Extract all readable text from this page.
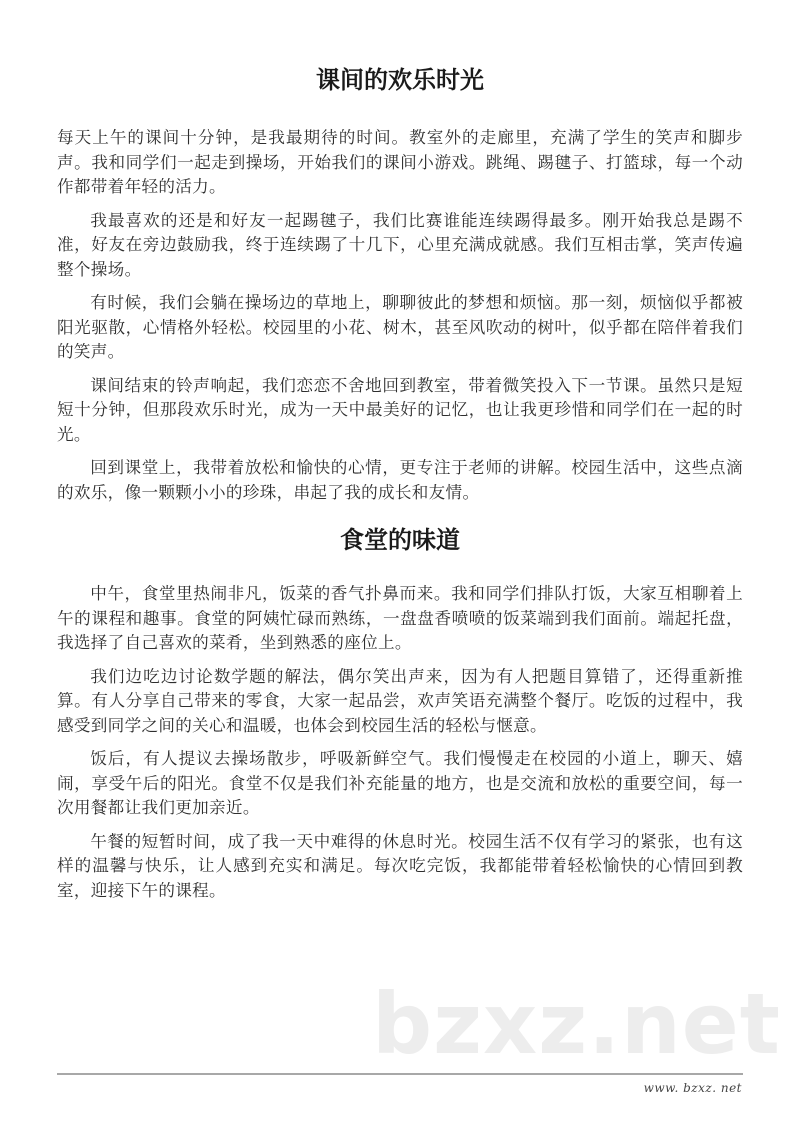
课间的欢乐时光

每天上午的课间十分钟，是我最期待的时间。教室外的走廊里，充满了学生的笑声和脚步声。我和同学们一起走到操场，开始我们的课间小游戏。跳绳、踢毽子、打篮球，每一个动作都带着年轻的活力。

我最喜欢的还是和好友一起踢毽子，我们比赛谁能连续踢得最多。刚开始我总是踢不准，好友在旁边鼓励我，终于连续踢了十几下，心里充满成就感。我们互相击掌，笑声传遍整个操场。

有时候，我们会躺在操场边的草地上，聊聊彼此的梦想和烦恼。那一刻，烦恼似乎都被阳光驱散，心情格外轻松。校园里的小花、树木，甚至风吹动的树叶，似乎都在陪伴着我们的笑声。

课间结束的铃声响起，我们恋恋不舍地回到教室，带着微笑投入下一节课。虽然只是短短十分钟，但那段欢乐时光，成为一天中最美好的记忆，也让我更珍惜和同学们在一起的时光。

回到课堂上，我带着放松和愉快的心情，更专注于老师的讲解。校园生活中，这些点滴的欢乐，像一颗颗小小的珍珠，串起了我的成长和友情。

食堂的味道

中午，食堂里热闹非凡，饭菜的香气扑鼻而来。我和同学们排队打饭，大家互相聊着上午的课程和趣事。食堂的阿姨忙碌而熟练，一盘盘香喷喷的饭菜端到我们面前。端起托盘，我选择了自己喜欢的菜肴，坐到熟悉的座位上。

我们边吃边讨论数学题的解法，偶尔笑出声来，因为有人把题目算错了，还得重新推算。有人分享自己带来的零食，大家一起品尝，欢声笑语充满整个餐厅。吃饭的过程中，我感受到同学之间的关心和温暖，也体会到校园生活的轻松与惬意。

饭后，有人提议去操场散步，呼吸新鲜空气。我们慢慢走在校园的小道上，聊天、嬉闹，享受午后的阳光。食堂不仅是我们补充能量的地方，也是交流和放松的重要空间，每一次用餐都让我们更加亲近。

午餐的短暂时间，成了我一天中难得的休息时光。校园生活不仅有学习的紧张，也有这样的温馨与快乐，让人感到充实和满足。每次吃完饭，我都能带着轻松愉快的心情回到教室，迎接下午的课程。

bzxz.net
www. bzxz. net
